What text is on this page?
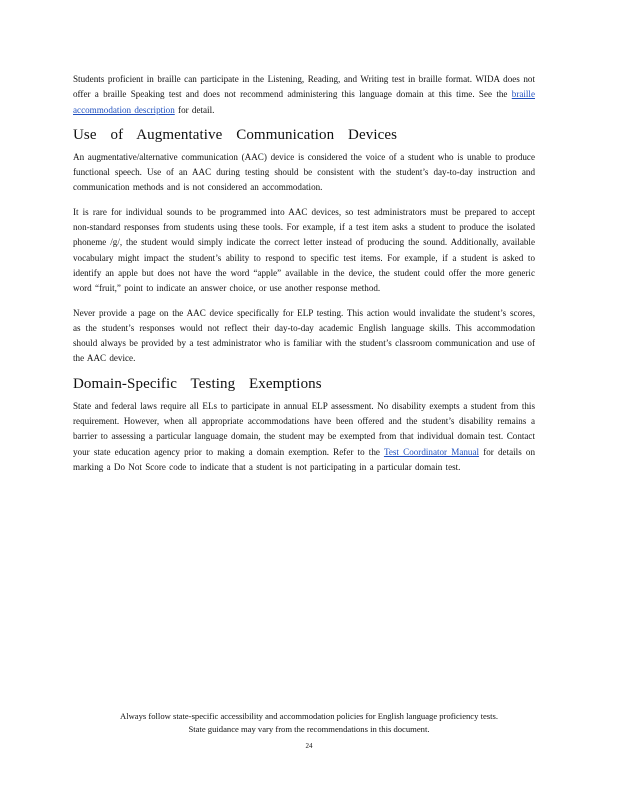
Students proficient in braille can participate in the Listening, Reading, and Writing test in braille format. WIDA does not offer a braille Speaking test and does not recommend administering this language domain at this time. See the braille accommodation description for detail.

Use of Augmentative Communication Devices

An augmentative/alternative communication (AAC) device is considered the voice of a student who is unable to produce functional speech. Use of an AAC during testing should be consistent with the student’s day-to-day instruction and communication methods and is not considered an accommodation.

It is rare for individual sounds to be programmed into AAC devices, so test administrators must be prepared to accept non-standard responses from students using these tools. For example, if a test item asks a student to produce the isolated phoneme /g/, the student would simply indicate the correct letter instead of producing the sound. Additionally, available vocabulary might impact the student’s ability to respond to specific test items. For example, if a student is asked to identify an apple but does not have the word “apple” available in the device, the student could offer the more generic word “fruit,” point to indicate an answer choice, or use another response method.

Never provide a page on the AAC device specifically for ELP testing. This action would invalidate the student’s scores, as the student’s responses would not reflect their day-to-day academic English language skills. This accommodation should always be provided by a test administrator who is familiar with the student’s classroom communication and use of the AAC device.

Domain-Specific Testing Exemptions

State and federal laws require all ELs to participate in annual ELP assessment. No disability exempts a student from this requirement. However, when all appropriate accommodations have been offered and the student’s disability remains a barrier to assessing a particular language domain, the student may be exempted from that individual domain test. Contact your state education agency prior to making a domain exemption. Refer to the Test Coordinator Manual for details on marking a Do Not Score code to indicate that a student is not participating in a particular domain test.

Always follow state-specific accessibility and accommodation policies for English language proficiency tests.
State guidance may vary from the recommendations in this document.
24
